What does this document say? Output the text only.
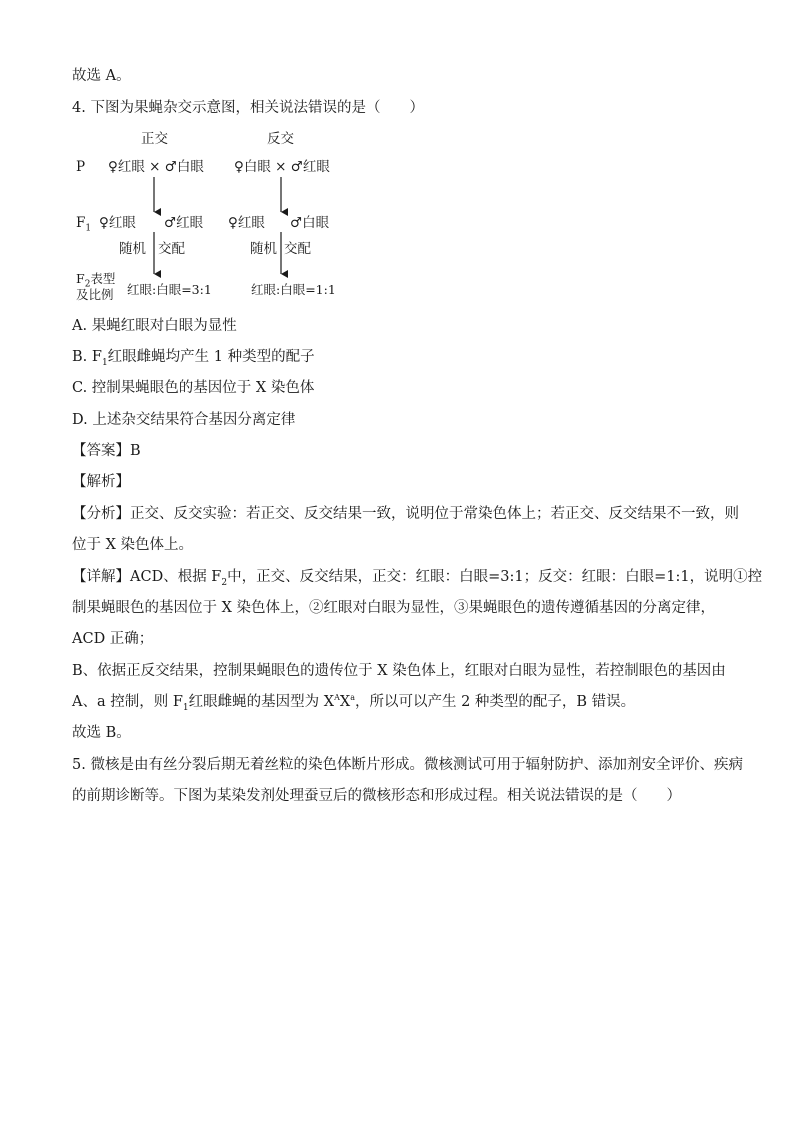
故选 A。
4. 下图为果蝇杂交示意图，相关说法错误的是（　　）
正交	反交
P ♀红眼 × ♂白眼 ♀白眼 × ♂红眼
$F_1$ ♀红眼 ♂红眼 ♀红眼 ♂白眼
随机 交配	随机 交配
$F_2$表型
及比例 红眼:白眼=3:1	红眼:白眼=1:1
A. 果蝇红眼对白眼为显性
B. $F_1$红眼雌蝇均产生 1 种类型的配子
C. 控制果蝇眼色的基因位于 X 染色体
D. 上述杂交结果符合基因分离定律
【答案】B
【解析】
【分析】正交、反交实验：若正交、反交结果一致，说明位于常染色体上；若正交、反交结果不一致，则
位于 X 染色体上。
【详解】ACD、根据 $F_2$中，正交、反交结果，正交：红眼：白眼=3:1；反交：红眼：白眼=1:1，说明①控
制果蝇眼色的基因位于 X 染色体上，②红眼对白眼为显性，③果蝇眼色的遗传遵循基因的分离定律，
ACD 正确；
B、依据正反交结果，控制果蝇眼色的遗传位于 X 染色体上，红眼对白眼为显性，若控制眼色的基因由
A、a 控制，则 $F_1$红眼雌蝇的基因型为 $X^AX^a$，所以可以产生 2 种类型的配子，B 错误。
故选 B。
5. 微核是由有丝分裂后期无着丝粒的染色体断片形成。微核测试可用于辐射防护、添加剂安全评价、疾病
的前期诊断等。下图为某染发剂处理蚕豆后的微核形态和形成过程。相关说法错误的是（　　）
